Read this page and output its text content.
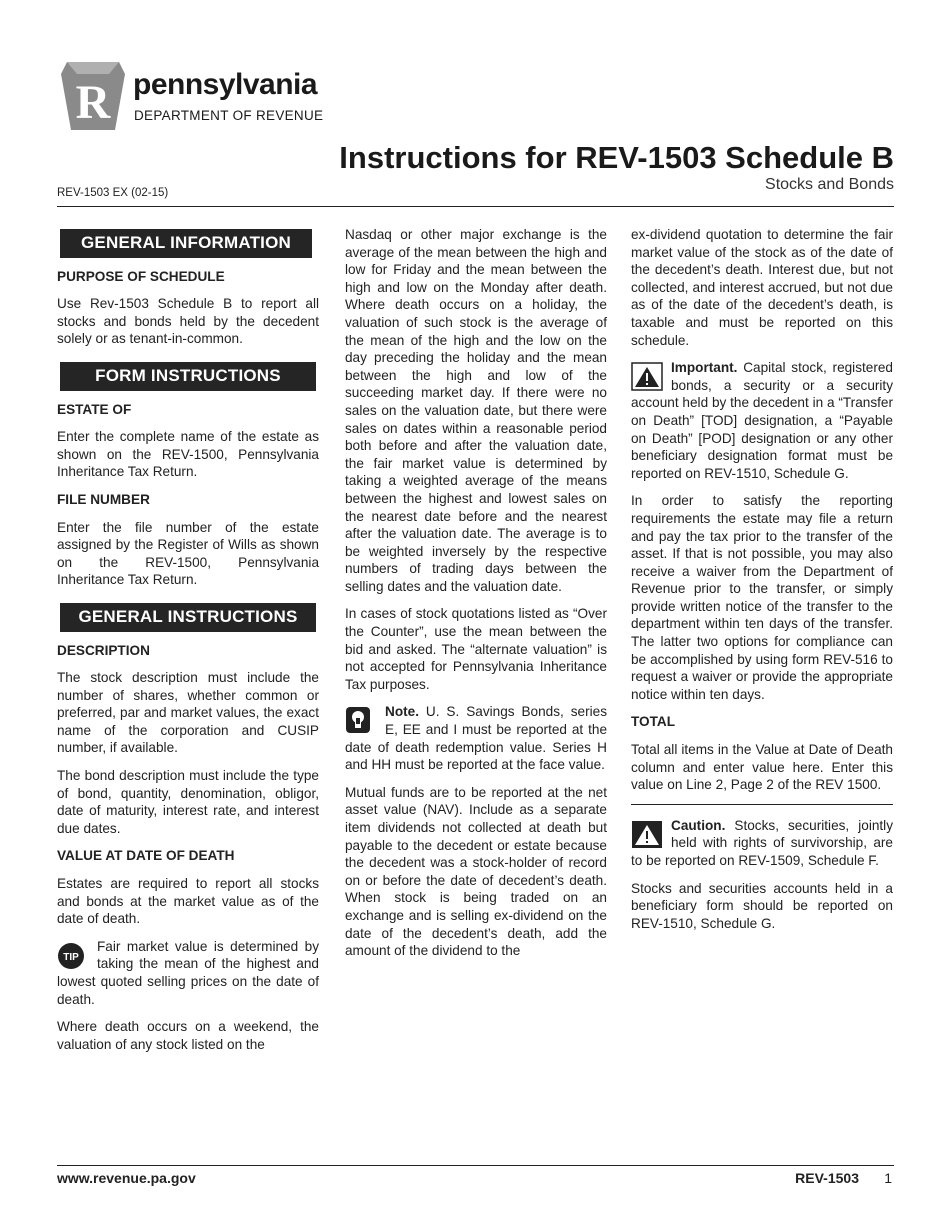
R pennsylvania
DEPARTMENT OF REVENUE
Instructions for REV-1503 Schedule B
Stocks and Bonds
REV-1503 EX (02-15)
GENERAL INFORMATION

PURPOSE OF SCHEDULE

Use Rev-1503 Schedule B to report all stocks and bonds held by the decedent solely or as tenant-in-common.

FORM INSTRUCTIONS

ESTATE OF

Enter the complete name of the estate as shown on the REV-1500, Pennsylvania Inheritance Tax Return.

FILE NUMBER

Enter the file number of the estate assigned by the Register of Wills as shown on the REV-1500, Pennsylvania Inheritance Tax Return.

GENERAL INSTRUCTIONS

DESCRIPTION

The stock description must include the number of shares, whether common or preferred, par and market values, the exact name of the corporation and CUSIP number, if available.

The bond description must include the type of bond, quantity, denomination, obligor, date of maturity, interest rate, and interest due dates.

VALUE AT DATE OF DEATH

Estates are required to report all stocks and bonds at the market value as of the date of death.

TIP
Fair market value is determined by taking the mean of the highest and lowest quoted selling prices on the date of death.

Where death occurs on a weekend, the valuation of any stock listed on the

Nasdaq or other major exchange is the average of the mean between the high and low for Friday and the mean between the high and low on the Monday after death. Where death occurs on a holiday, the valuation of such stock is the average of the mean of the high and the low on the day preceding the holiday and the mean between the high and low of the succeeding market day. If there were no sales on the valuation date, but there were sales on dates within a reasonable period both before and after the valuation date, the fair market value is determined by taking a weighted average of the means between the highest and lowest sales on the nearest date before and the nearest after the valuation date. The average is to be weighted inversely by the respective numbers of trading days between the selling dates and the valuation date.

In cases of stock quotations listed as “Over the Counter”, use the mean between the bid and asked. The “alternate valuation” is not accepted for Pennsylvania Inheritance Tax purposes.

Note. U. S. Savings Bonds, series E, EE and I must be reported at the date of death redemption value. Series H and HH must be reported at the face value.

Mutual funds are to be reported at the net asset value (NAV). Include as a separate item dividends not collected at death but payable to the decedent or estate because the decedent was a stock-holder of record on or before the date of decedent’s death. When stock is being traded on an exchange and is selling ex-dividend on the date of the decedent’s death, add the amount of the dividend to the

ex-dividend quotation to determine the fair market value of the stock as of the date of the decedent’s death. Interest due, but not collected, and interest accrued, but not due as of the date of the decedent’s death, is taxable and must be reported on this schedule.

Important. Capital stock, registered bonds, a security or a security account held by the decedent in a “Transfer on Death” [TOD] designation, a “Payable on Death” [POD] designation or any other beneficiary designation format must be reported on REV-1510, Schedule G.

In order to satisfy the reporting requirements the estate may file a return and pay the tax prior to the transfer of the asset. If that is not possible, you may also receive a waiver from the Department of Revenue prior to the transfer, or simply provide written notice of the transfer to the department within ten days of the transfer. The latter two options for compliance can be accomplished by using form REV-516 to request a waiver or provide the appropriate notice within ten days.

TOTAL

Total all items in the Value at Date of Death column and enter value here. Enter this value on Line 2, Page 2 of the REV 1500.

Caution. Stocks, securities, jointly held with rights of survivorship, are to be reported on REV-1509, Schedule F.

Stocks and securities accounts held in a beneficiary form should be reported on REV-1510, Schedule G.

www.revenue.pa.gov	REV-1503 1
